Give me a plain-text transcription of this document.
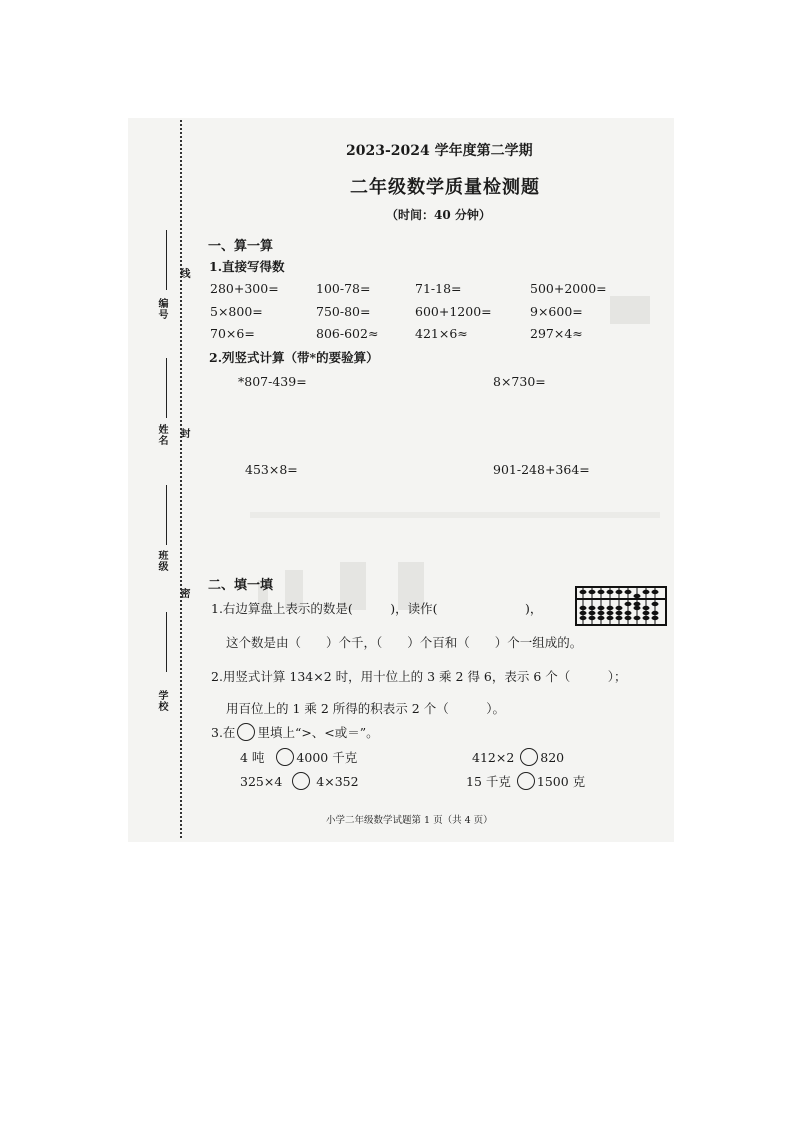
编号
姓名
班级
学校
线
封
密
2023-2024 学年度第二学期
二年级数学质量检测题
（时间：40 分钟）
一、算一算
1.直接写得数
280+300=	100-78=	71-18=	500+2000=
5×800=	750-80=	600+1200=	9×600=
70×6=	806-602≈	421×6≈	297×4≈
2.列竖式计算（带*的要验算）
*807-439=	8×730=
453×8=	901-248+364=
二、填一填
1.右边算盘上表示的数是(　　　)，读作(　　　　　　　)，
这个数是由（　　）个千，（　　）个百和（　　）个一组成的。
2.用竖式计算 134×2 时，用十位上的 3 乘 2 得 6，表示 6 个（　　　）；
用百位上的 1 乘 2 所得的积表示 2 个（　　　）。
3.在 里填上“>、<或＝”。
4 吨	4000 千克	412×2 820
325×4	4×352	15 千克 1500 克
小学二年级数学试题第 1 页（共 4 页）
